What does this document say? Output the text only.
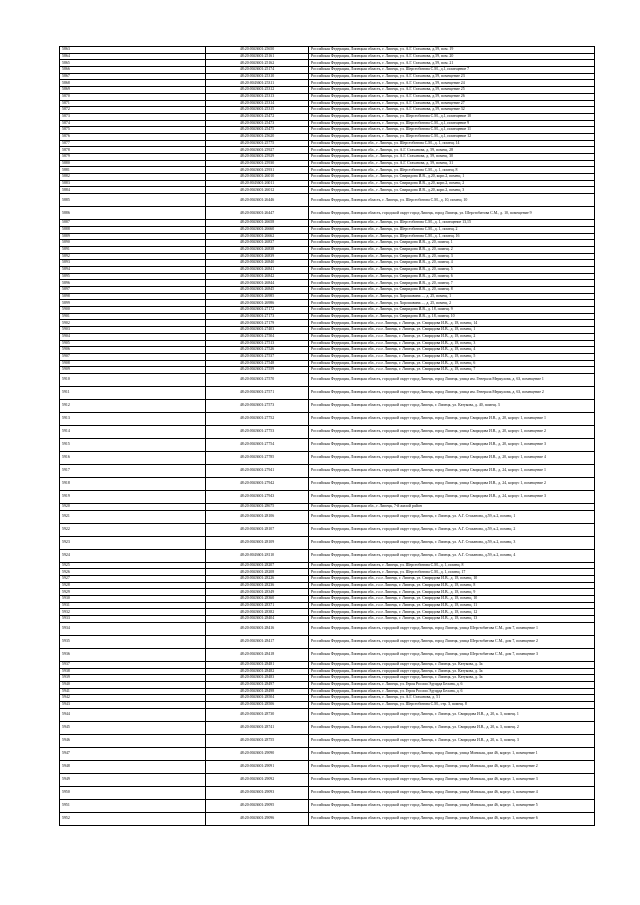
5863	48:20:0043601:25650	Российская Федерация, Липецкая область, г. Липецк, ул. А.Г. Стаханова, д.59, пом. 19
5864	48:20:0043601:25161	Российская Федерация, Липецкая область, г. Липецк, ул. А.Г. Стаханова, д.59, пом. 20
5865	48:20:0043601:25162	Российская Федерация, Липецкая область, г. Липецк, ул. А.Г. Стаханова, д.59, пом. 21
5866	48:20:0043601:25174	Российская Федерация, Липецкая область, г. Липецк, ул. Шерстобитова С.М., д.1, помещение 7
5867	48:20:0043601:25310	Российская Федерация, Липецкая область, г. Липецк, ул. А.Г. Стаханова, д.59, помещение 23
5868	48:20:0043601:25311	Российская Федерация, Липецкая область, г. Липецк, ул. А.Г. Стаханова, д.59, помещение 24
5869	48:20:0043601:25312	Российская Федерация, Липецкая область, г. Липецк, ул. А.Г. Стаханова, д.59, помещение 25
5870	48:20:0043601:25313	Российская Федерация, Липецкая область, г. Липецк, ул. А.Г. Стаханова, д.59, помещение 26
5871	48:20:0043601:25314	Российская Федерация, Липецкая область, г. Липецк, ул. А.Г. Стаханова, д.59, помещение 27
5872	48:20:0043601:25315	Российская Федерация, Липецкая область, г. Липецк, ул. А.Г. Стаханова, д.59, помещение 32
5873	48:20:0043601:25472	Российская Федерация, Липецкая область, г. Липецк, ул. Шерстобитова С.М., д.1, помещение 10
5874	48:20:0043601:25473	Российская Федерация, Липецкая область, г. Липецк, ул. Шерстобитова С.М., д.1, помещение 9
5875	48:20:0043601:25475	Российская Федерация, Липецкая область, г. Липецк, ул. Шерстобитова С.М., д.1, помещение 11
5876	48:20:0043601:25620	Российская Федерация, Липецкая область, г. Липецк, ул. Шерстобитова С.М., д.1, помещение 12
5877	48:20:0043601:25775	Российская Федерация, Липецкая обл., г. Липецк, ул. Шерстобитова С.М., д. 1, помещ. 14
5878	48:20:0043601:25927	Российская Федерация, Липецкая обл., г. Липецк, ул. А.Г. Стаханова, д. 59, помещ. 28
5879	48:20:0043601:25929	Российская Федерация, Липецкая обл., г. Липецк, ул. А.Г. Стаханова, д. 59, помещ. 30
5880	48:20:0043601:25930	Российская Федерация, Липецкая обл., г. Липецк, ул. А.Г. Стаханова, д. 59, помещ. 31
5881	48:20:0043601:25931	Российская Федерация, Липецкая обл., г. Липецк, ул. Шерстобитова С.М., д. 1, помещ. 8
5882	48:20:0043601:26010	Российская Федерация, Липецкая обл., г. Липецк, ул. Свиридова И.В., д.20, корп.2, помещ. 1
5883	48:20:0043601:26011	Российская Федерация, Липецкая обл., г. Липецк, ул. Свиридова И.В., д.20, корп.2, помещ. 2
5884	48:20:0043601:26012	Российская Федерация, Липецкая обл., г. Липецк, ул. Свиридова И.В., д.20, корп.2, помещ. 3
5885	48:20:0043601:26446	Российская Федерация, Липецкая область, г. Липецк, ул. Шерстобитова С.М., д. 10, помещ. 10
5886	48:20:0043601:26447	Российская Федерация, Липецкая область, городской округ город Липецк, город Липецк, ул. Шерстобитова С.М., д. 10, помещение 9
5887	48:20:0043601:26658	Российская Федерация, Липецкая обл., г. Липецк, ул. Шерстобитова С.М., д. 1, помещение 13,15
5888	48:20:0043601:26660	Российская Федерация, Липецкая обл., г. Липецк, ул. Шерстобитова С.М., д. 1, помещ. 2
5889	48:20:0043601:26662	Российская Федерация, Липецкая обл., г. Липецк, ул. Шерстобитова С.М., д. 1, помещ. 16
5890	48:20:0043601:26837	Российская Федерация, Липецкая обл., г. Липецк, ул. Свиридова И.В., д. 20, помещ. 1
5891	48:20:0043601:26838	Российская Федерация, Липецкая обл., г. Липецк, ул. Свиридова И.В., д. 20, помещ. 2
5892	48:20:0043601:26839	Российская Федерация, Липецкая обл., г. Липецк, ул. Свиридова И.В., д. 20, помещ. 3
5893	48:20:0043601:26840	Российская Федерация, Липецкая обл., г. Липецк, ул. Свиридова И.В., д. 20, помещ. 4
5894	48:20:0043601:26841	Российская Федерация, Липецкая обл., г. Липецк, ул. Свиридова И.В., д. 20, помещ. 5
5895	48:20:0043601:26842	Российская Федерация, Липецкая обл., г. Липецк, ул. Свиридова И.В., д. 20, помещ. 6
5896	48:20:0043601:26844	Российская Федерация, Липецкая обл., г. Липецк, ул. Свиридова И.В., д. 20, помещ. 7
5897	48:20:0043601:26845	Российская Федерация, Липецкая обл., г. Липецк, ул. Свиридова И.В., д. 20, помещ. 8
5898	48:20:0043601:26985	Российская Федерация, Липецкая обл., г. Липецк, ул. Хорошавина ..., д. 25, помещ. 1
5899	48:20:0043601:26986	Российская Федерация, Липецкая обл., г. Липецк, ул. Хорошавина ..., д. 25, помещ. 2
5900	48:20:0043601:27172	Российская Федерация, Липецкая обл., г. Липецк, ул. Свиридова И.В., д. 18, помещ. 9
5901	48:20:0043601:27173	Российская Федерация, Липецкая обл., г. Липецк, ул. Свиридова И.В., д. 18, помещ. 10
5902	48:20:0043601:27179	Российская Федерация, Липецкая обл., г.о.г. Липецк, г. Липецк, ул. Свиридова И.В., д. 18, помещ. 14
5903	48:20:0043601:27403	Российская Федерация, Липецкая обл., г.о.г. Липецк, г. Липецк, ул. Свиридова И.В., д. 18, помещ. 1
5904	48:20:0043601:27504	Российская Федерация, Липецкая обл., г.о.г. Липецк, г. Липецк, ул. Свиридова И.В., д. 18, помещ. 2
5905	48:20:0043601:27513	Российская Федерация, Липецкая обл., г.о.г. Липецк, г. Липецк, ул. Свиридова И.В., д. 18, помещ. 3
5906	48:20:0043601:27526	Российская Федерация, Липецкая обл., г.о.г. Липецк, г. Липецк, ул. Свиридова И.В., д. 18, помещ. 4
5907	48:20:0043601:27537	Российская Федерация, Липецкая обл., г.о.г. Липецк, г. Липецк, ул. Свиридова И.В., д. 18, помещ. 5
5908	48:20:0043601:27548	Российская Федерация, Липецкая обл., г.о.г. Липецк, г. Липецк, ул. Свиридова И.В., д. 18, помещ. 6
5909	48:20:0043601:27559	Российская Федерация, Липецкая обл., г.о.г. Липецк, г. Липецк, ул. Свиридова И.В., д. 18, помещ. 7
5910	48:20:0043601:27570	Российская Федерация, Липецкая область, городской округ город Липецк, город Липецк, улица им. Генерала Меркулова, д. 63, помещение 1
5911	48:20:0043601:27571	Российская Федерация, Липецкая область, городской округ город Липецк, город Липецк, улица им. Генерала Меркулова, д. 63, помещение 2
5912	48:20:0043601:27573	Российская Федерация, Липецкая область, городской округ город Липецк, г. Липецк, ул. Катукова, д. 40, помещ. 3
5913	48:20:0043601:27752	Российская Федерация, Липецкая область, городской округ город Липецк, город Липецк, улица Свиридова И.В., д. 20, корпус 1, помещение 1
5914	48:20:0043601:27753	Российская Федерация, Липецкая область, городской округ город Липецк, город Липецк, улица Свиридова И.В., д. 20, корпус 1, помещение 2
5915	48:20:0043601:27754	Российская Федерация, Липецкая область, городской округ город Липецк, город Липецк, улица Свиридова И.В., д. 20, корпус 1, помещение 3
5916	48:20:0043601:27785	Российская Федерация, Липецкая область, городской округ город Липецк, город Липецк, улица Свиридова И.В., д. 20, корпус 1, помещение 4
5917	48:20:0043601:27941	Российская Федерация, Липецкая область, городской округ город Липецк, город Липецк, улица Свиридова И.В., д. 24, корпус 1, помещение 1
5918	48:20:0043601:27942	Российская Федерация, Липецкая область, городской округ город Липецк, город Липецк, улица Свиридова И.В., д. 24, корпус 1, помещение 2
5919	48:20:0043601:27943	Российская Федерация, Липецкая область, городской округ город Липецк, город Липецк, улица Свиридова И.В., д. 24, корпус 1, помещение 3
5920	48:20:0043601:28675	Российская Федерация, Липецкая обл., г. Липецк, 7-й жилой район
5921	48:20:0043601:28106	Российская Федерация, Липецкая область, городской округ город Липецк, г. Липецк, ул. А.Г. Стаханова, д.59, к.2, помещ. 1
5922	48:20:0043601:28107	Российская Федерация, Липецкая область, городской округ город Липецк, г. Липецк, ул. А.Г. Стаханова, д.59, к.2, помещ. 2
5923	48:20:0043601:28109	Российская Федерация, Липецкая область, городской округ город Липецк, г. Липецк, ул. А.Г. Стаханова, д.59, к.2, помещ. 3
5924	48:20:0043601:28110	Российская Федерация, Липецкая область, городской округ город Липецк, г. Липецк, ул. А.Г. Стаханова, д.59, к.2, помещ. 4
5925	48:20:0043601:28207	Российская Федерация, Липецкая область, г. Липецк, ул. Шерстобитова С.М., д. 1, помещ. 8
5926	48:20:0043601:28208	Российская Федерация, Липецкая область, г. Липецк, ул. Шерстобитова С.М., д. 1, помещ. 17
5927	48:20:0043601:28226	Российская Федерация, Липецкая обл., г.о.г. Липецк, г. Липецк, ул. Свиридова И.В., д. 18, помещ. 10
5928	48:20:0043601:28236	Российская Федерация, Липецкая обл., г.о.г. Липецк, г. Липецк, ул. Свиридова И.В., д. 18, помещ. 8
5929	48:20:0043601:28349	Российская Федерация, Липецкая обл., г.о.г. Липецк, г. Липецк, ул. Свиридова И.В., д. 18, помещ. 9
5930	48:20:0043601:28360	Российская Федерация, Липецкая обл., г.о.г. Липецк, г. Липецк, ул. Свиридова И.В., д. 18, помещ. 10
5931	48:20:0043601:28371	Российская Федерация, Липецкая обл., г.о.г. Липецк, г. Липецк, ул. Свиридова И.В., д. 18, помещ. 11
5932	48:20:0043601:28382	Российская Федерация, Липецкая обл., г.о.г. Липецк, г. Липецк, ул. Свиридова И.В., д. 18, помещ. 12
5933	48:20:0043601:28404	Российская Федерация, Липецкая обл., г.о.г. Липецк, г. Липецк, ул. Свиридова И.В., д. 18, помещ. 13
5934	48:20:0043601:28416	Российская Федерация, Липецкая область, городской округ город Липецк, город Липецк, улица Шерстобитова С.М., дом 7, помещение 1
5935	48:20:0043601:28417	Российская Федерация, Липецкая область, городской округ город Липецк, город Липецк, улица Шерстобитова С.М., дом 7, помещение 2
5936	48:20:0043601:28418	Российская Федерация, Липецкая область, городской округ город Липецк, город Липецк, улица Шерстобитова С.М., дом 7, помещение 3
5937	48:20:0043601:28481	Российская Федерация, Липецкая область, городской округ город Липецк, г. Липецк, ул. Катукова, д. 3а
5938	48:20:0043601:28482	Российская Федерация, Липецкая область, городской округ город Липецк, г. Липецк, ул. Катукова, д. 3а
5939	48:20:0043601:28483	Российская Федерация, Липецкая область, городской округ город Липецк, г. Липецк, ул. Катукова, д. 3а
5940	48:20:0043601:28497	Российская Федерация, Липецкая область, г. Липецк, ул. Героя России Эдуарда Белана, д. 6
5941	48:20:0043601:28498	Российская Федерация, Липецкая область, г. Липецк, ул. Героя России Эдуарда Белана, д. 6
5942	48:20:0043601:28504	Российская Федерация, Липецкая область, г. Липецк, ул. А.Г. Стаханова, д. 51
5943	48:20:0043601:28506	Российская Федерация, Липецкая область, г. Липецк, ул. Шерстобитова С.М., стр. 3, помещ. 8
5944	48:20:0043601:28730	Российская Федерация, Липецкая область, городской округ город Липецк, г. Липецк, ул. Свиридова И.В., д. 20, к. 3, помещ. 1
5945	48:20:0043601:28741	Российская Федерация, Липецкая область, городской округ город Липецк, г. Липецк, ул. Свиридова И.В., д. 20, к. 3, помещ. 2
5946	48:20:0043601:28755	Российская Федерация, Липецкая область, городской округ город Липецк, г. Липецк, ул. Свиридова И.В., д. 20, к. 3, помещ. 3
5947	48:20:0043601:29090	Российская Федерация, Липецкая область, городской округ город Липецк, город Липецк, улица Минская, дом 46, корпус 1, помещение 1
5948	48:20:0043601:29091	Российская Федерация, Липецкая область, городской округ город Липецк, город Липецк, улица Минская, дом 46, корпус 1, помещение 2
5949	48:20:0043601:29092	Российская Федерация, Липецкая область, городской округ город Липецк, город Липецк, улица Минская, дом 46, корпус 1, помещение 3
5950	48:20:0043601:29093	Российская Федерация, Липецкая область, городской округ город Липецк, город Липецк, улица Минская, дом 46, корпус 1, помещение 4
5951	48:20:0043601:29095	Российская Федерация, Липецкая область, городской округ город Липецк, город Липецк, улица Минская, дом 46, корпус 1, помещение 5
5952	48:20:0043601:29096	Российская Федерация, Липецкая область, городской округ город Липецк, город Липецк, улица Минская, дом 46, корпус 1, помещение 6
